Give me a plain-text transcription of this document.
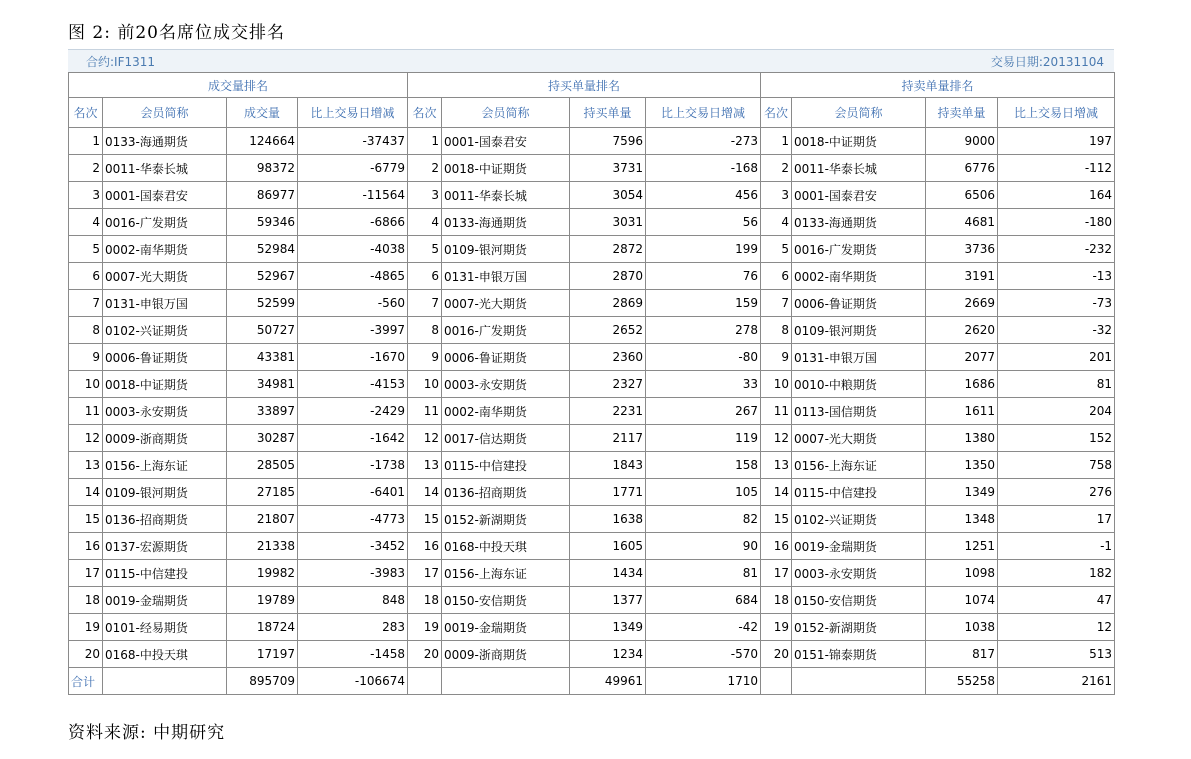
图 2: 前20名席位成交排名
合约:IF1311	交易日期:20131104
成交量排名				持买单量排名				持卖单量排名			
名次	会员简称	成交量	比上交易日增减	名次	会员简称	持买单量	比上交易日增减	名次	会员简称	持卖单量	比上交易日增减
1	0133-海通期货	124664	-37437	1	0001-国泰君安	7596	-273	1	0018-中证期货	9000	197
2	0011-华泰长城	98372	-6779	2	0018-中证期货	3731	-168	2	0011-华泰长城	6776	-112
3	0001-国泰君安	86977	-11564	3	0011-华泰长城	3054	456	3	0001-国泰君安	6506	164
4	0016-广发期货	59346	-6866	4	0133-海通期货	3031	56	4	0133-海通期货	4681	-180
5	0002-南华期货	52984	-4038	5	0109-银河期货	2872	199	5	0016-广发期货	3736	-232
6	0007-光大期货	52967	-4865	6	0131-申银万国	2870	76	6	0002-南华期货	3191	-13
7	0131-申银万国	52599	-560	7	0007-光大期货	2869	159	7	0006-鲁证期货	2669	-73
8	0102-兴证期货	50727	-3997	8	0016-广发期货	2652	278	8	0109-银河期货	2620	-32
9	0006-鲁证期货	43381	-1670	9	0006-鲁证期货	2360	-80	9	0131-申银万国	2077	201
10	0018-中证期货	34981	-4153	10	0003-永安期货	2327	33	10	0010-中粮期货	1686	81
11	0003-永安期货	33897	-2429	11	0002-南华期货	2231	267	11	0113-国信期货	1611	204
12	0009-浙商期货	30287	-1642	12	0017-信达期货	2117	119	12	0007-光大期货	1380	152
13	0156-上海东证	28505	-1738	13	0115-中信建投	1843	158	13	0156-上海东证	1350	758
14	0109-银河期货	27185	-6401	14	0136-招商期货	1771	105	14	0115-中信建投	1349	276
15	0136-招商期货	21807	-4773	15	0152-新湖期货	1638	82	15	0102-兴证期货	1348	17
16	0137-宏源期货	21338	-3452	16	0168-中投天琪	1605	90	16	0019-金瑞期货	1251	-1
17	0115-中信建投	19982	-3983	17	0156-上海东证	1434	81	17	0003-永安期货	1098	182
18	0019-金瑞期货	19789	848	18	0150-安信期货	1377	684	18	0150-安信期货	1074	47
19	0101-经易期货	18724	283	19	0019-金瑞期货	1349	-42	19	0152-新湖期货	1038	12
20	0168-中投天琪	17197	-1458	20	0009-浙商期货	1234	-570	20	0151-锦泰期货	817	513
合计		895709	-106674			49961	1710			55258	2161
资料来源: 中期研究
